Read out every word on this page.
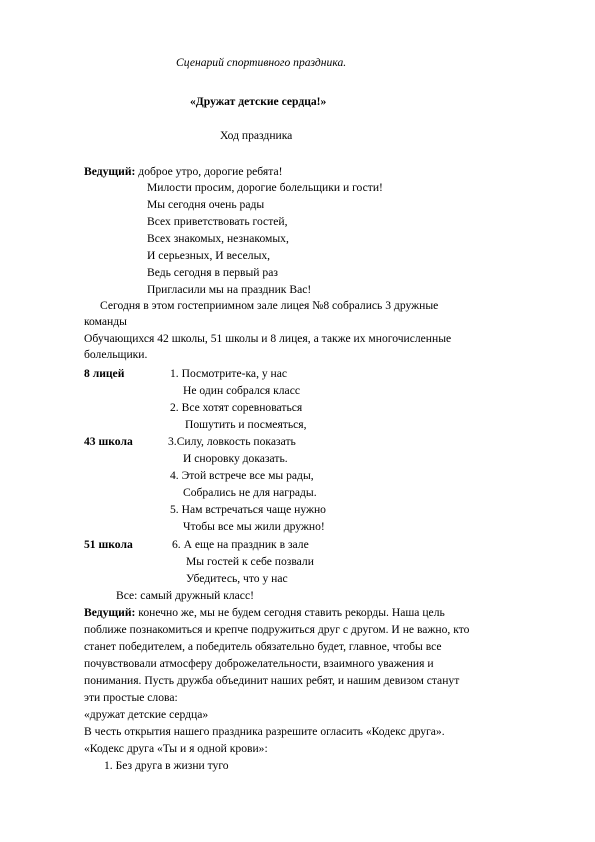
Сценарий спортивного праздника.
«Дружат детские сердца!»
Ход праздника
Ведущий: доброе утро, дорогие ребята!
Милости просим, дорогие болельщики и гости!
Мы сегодня очень рады
Всех приветствовать гостей,
Всех знакомых, незнакомых,
И серьезных, И веселых,
Ведь сегодня в первый раз
Пригласили мы на праздник Вас!
Сегодня в этом гостеприимном зале лицея №8 собрались 3 дружные
команды
Обучающихся 42 школы, 51 школы и 8 лицея, а также их многочисленные
болельщики.
8 лицей	1. Посмотрите-ка, у нас
Не один собрался класс
2. Все хотят соревноваться
Пошутить и посмеяться,
43 школа	3.Силу, ловкость показать
И сноровку доказать.
4. Этой встрече все мы рады,
Собрались не для награды.
5. Нам встречаться чаще нужно
Чтобы все мы жили дружно!
51 школа	6. А еще на праздник в зале
Мы гостей к себе позвали
Убедитесь, что у нас
Все: самый дружный класс!
Ведущий: конечно же, мы не будем сегодня ставить рекорды. Наша цель
поближе познакомиться и крепче подружиться друг с другом. И не важно, кто
станет победителем, а победитель обязательно будет, главное, чтобы все
почувствовали атмосферу доброжелательности, взаимного уважения и
понимания. Пусть дружба объединит наших ребят, и нашим девизом станут
эти простые слова:
«дружат детские сердца»
В честь открытия нашего праздника разрешите огласить «Кодекс друга».
«Кодекс друга «Ты и я одной крови»:
1. Без друга в жизни туго
